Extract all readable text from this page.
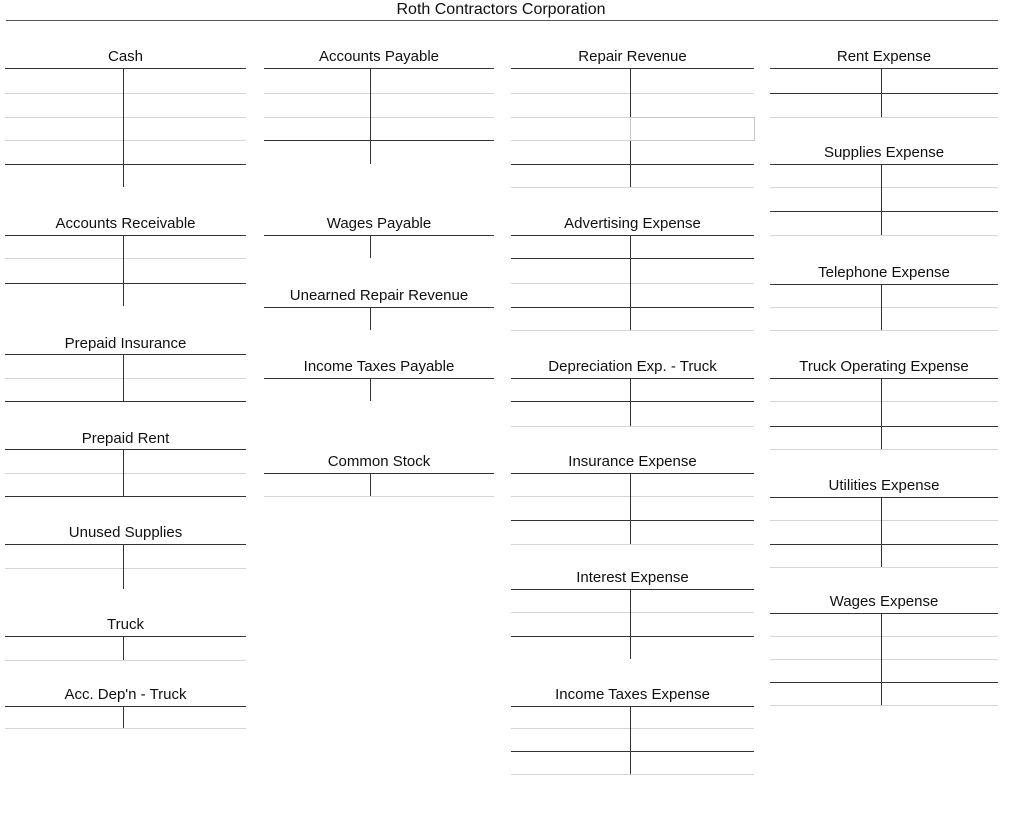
Roth Contractors Corporation
Cash
Accounts Receivable
Prepaid Insurance
Prepaid Rent
Unused Supplies
Truck
Acc. Dep'n - Truck
Accounts Payable
Wages Payable
Unearned Repair Revenue
Income Taxes Payable
Common Stock
Repair Revenue
Advertising Expense
Depreciation Exp. - Truck
Insurance Expense
Interest Expense
Income Taxes Expense
Rent Expense
Supplies Expense
Telephone Expense
Truck Operating Expense
Utilities Expense
Wages Expense
